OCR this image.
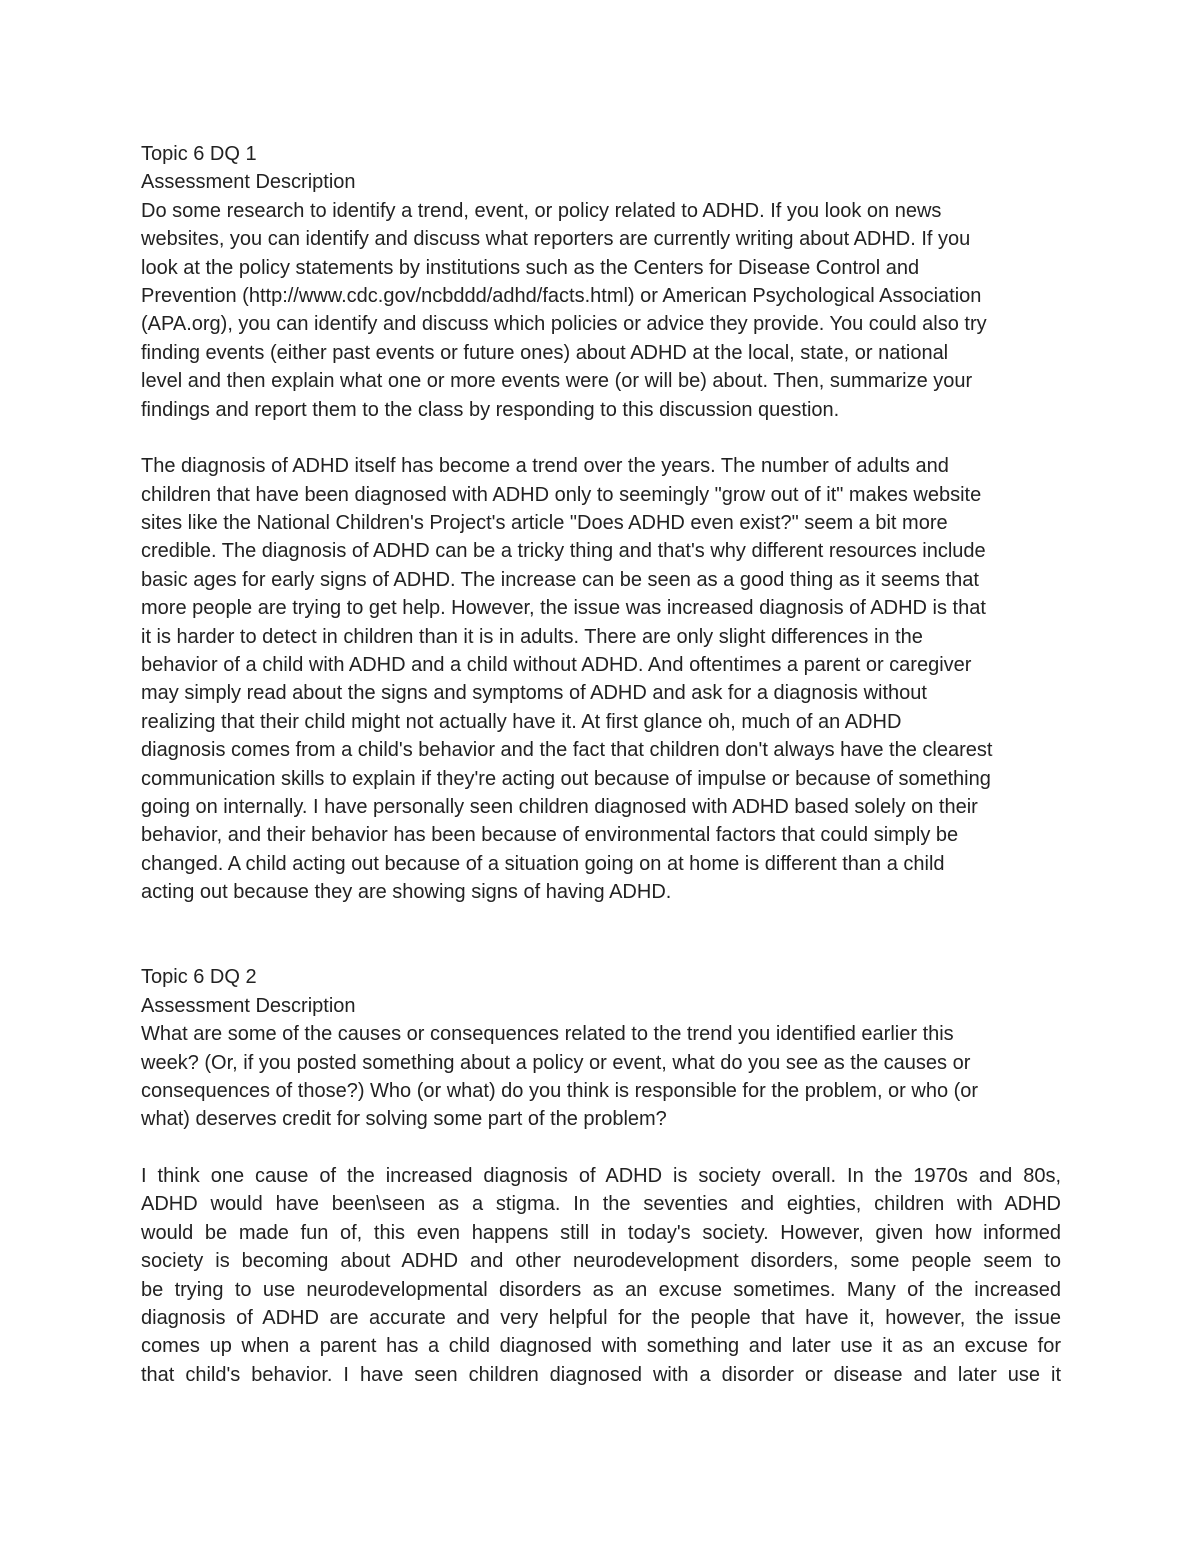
Topic 6 DQ 1
Assessment Description
Do some research to identify a trend, event, or policy related to ADHD. If you look on news
websites, you can identify and discuss what reporters are currently writing about ADHD. If you
look at the policy statements by institutions such as the Centers for Disease Control and
Prevention (http://www.cdc.gov/ncbddd/adhd/facts.html) or American Psychological Association
(APA.org), you can identify and discuss which policies or advice they provide. You could also try
finding events (either past events or future ones) about ADHD at the local, state, or national
level and then explain what one or more events were (or will be) about. Then, summarize your
findings and report them to the class by responding to this discussion question.
The diagnosis of ADHD itself has become a trend over the years. The number of adults and
children that have been diagnosed with ADHD only to seemingly "grow out of it" makes website
sites like the National Children's Project's article "Does ADHD even exist?" seem a bit more
credible. The diagnosis of ADHD can be a tricky thing and that's why different resources include
basic ages for early signs of ADHD. The increase can be seen as a good thing as it seems that
more people are trying to get help. However, the issue was increased diagnosis of ADHD is that
it is harder to detect in children than it is in adults. There are only slight differences in the
behavior of a child with ADHD and a child without ADHD. And oftentimes a parent or caregiver
may simply read about the signs and symptoms of ADHD and ask for a diagnosis without
realizing that their child might not actually have it. At first glance oh, much of an ADHD
diagnosis comes from a child's behavior and the fact that children don't always have the clearest
communication skills to explain if they're acting out because of impulse or because of something
going on internally. I have personally seen children diagnosed with ADHD based solely on their
behavior, and their behavior has been because of environmental factors that could simply be
changed. A child acting out because of a situation going on at home is different than a child
acting out because they are showing signs of having ADHD.
Topic 6 DQ 2
Assessment Description
What are some of the causes or consequences related to the trend you identified earlier this
week? (Or, if you posted something about a policy or event, what do you see as the causes or
consequences of those?) Who (or what) do you think is responsible for the problem, or who (or
what) deserves credit for solving some part of the problem?
I think one cause of the increased diagnosis of ADHD is society overall. In the 1970s and 80s,
ADHD would have been\seen as a stigma. In the seventies and eighties, children with ADHD
would be made fun of, this even happens still in today's society. However, given how informed
society is becoming about ADHD and other neurodevelopment disorders, some people seem to
be trying to use neurodevelopmental disorders as an excuse sometimes. Many of the increased
diagnosis of ADHD are accurate and very helpful for the people that have it, however, the issue
comes up when a parent has a child diagnosed with something and later use it as an excuse for
that child's behavior. I have seen children diagnosed with a disorder or disease and later use it
